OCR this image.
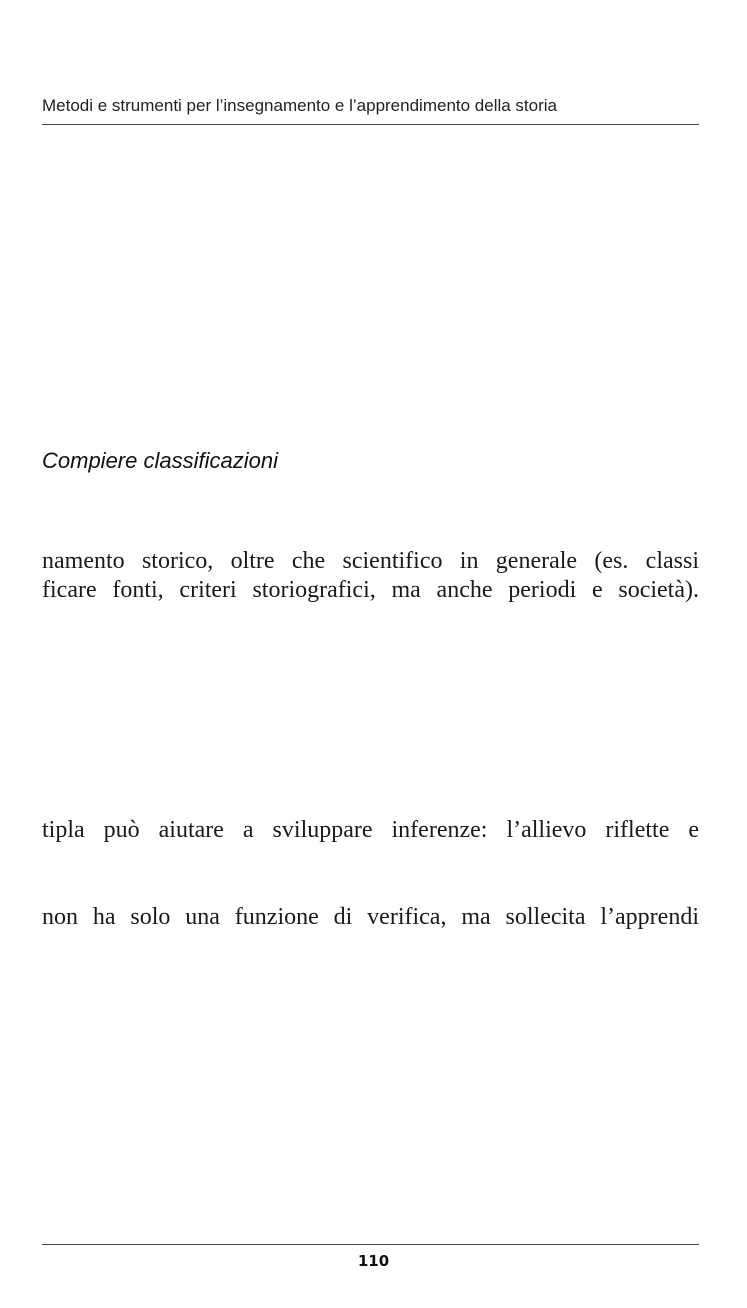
Metodi e strumenti per l’insegnamento e l’apprendimento della storia
Compiere classificazioni
namento storico, oltre che scientifico in generale (es. classi
ficare fonti, criteri storiografici, ma anche periodi e società).
tipla può aiutare a sviluppare inferenze: l’allievo riflette e
non ha solo una funzione di verifica, ma sollecita l’apprendi
110
